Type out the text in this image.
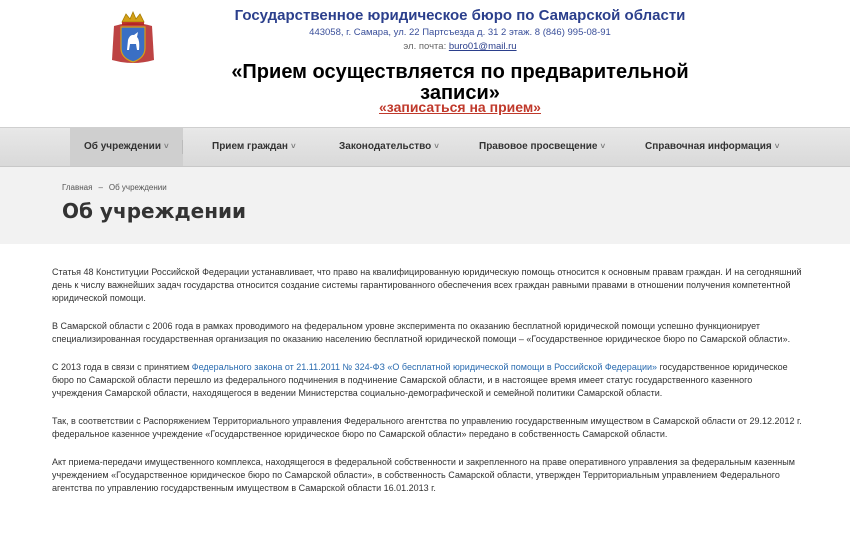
Государственное юридическое бюро по Самарской области
443058, г. Самара, ул. 22 Партсъезда д. 31 2 этаж. 8 (846) 995-08-91
эл. почта: buro01@mail.ru
«Прием осуществляется по предварительной записи»
«записаться на прием»
Об учреждении ˅	Прием граждан ˅	Законодательство ˅	Правовое просвещение ˅	Справочная информация ˅
Главная – Об учреждении
Об учреждении

Статья 48 Конституции Российской Федерации устанавливает, что право на квалифицированную юридическую помощь относится к основным правам граждан. И на сегодняшний день к числу важнейших задач государства относится создание системы гарантированного обеспечения всех граждан равными правами в отношении получения компетентной юридической помощи.

В Самарской области с 2006 года в рамках проводимого на федеральном уровне эксперимента по оказанию бесплатной юридической помощи успешно функционирует специализированная государственная организация по оказанию населению бесплатной юридической помощи – «Государственное юридическое бюро по Самарской области».

С 2013 года в связи с принятием Федерального закона от 21.11.2011 № 324-ФЗ «О бесплатной юридической помощи в Российской Федерации» государственное юридическое бюро по Самарской области перешло из федерального подчинения в подчинение Самарской области, и в настоящее время имеет статус государственного казенного учреждения Самарской области, находящегося в ведении Министерства социально-демографической и семейной политики Самарской области.

Так, в соответствии с Распоряжением Территориального управления Федерального агентства по управлению государственным имуществом в Самарской области от 29.12.2012 г. федеральное казенное учреждение «Государственное юридическое бюро по Самарской области» передано в собственность Самарской области.

Акт приема-передачи имущественного комплекса, находящегося в федеральной собственности и закрепленного на праве оперативного управления за федеральным казенным учреждением «Государственное юридическое бюро по Самарской области», в собственность Самарской области, утвержден Территориальным управлением Федерального агентства по управлению государственным имуществом в Самарской области 16.01.2013 г.
